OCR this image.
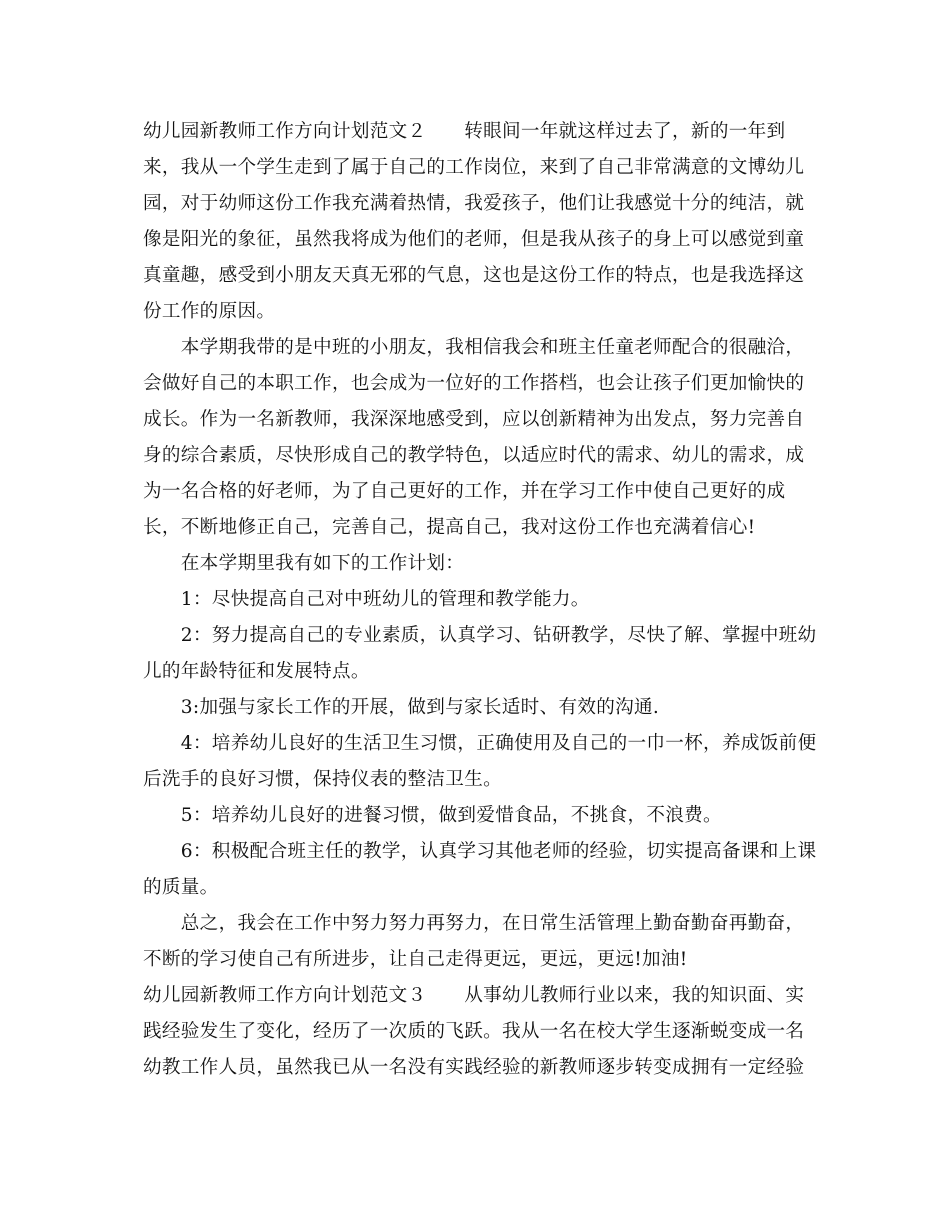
幼儿园新教师工作方向计划范文２　　转眼间一年就这样过去了，新的一年到
来，我从一个学生走到了属于自己的工作岗位，来到了自己非常满意的文博幼儿
园，对于幼师这份工作我充满着热情，我爱孩子，他们让我感觉十分的纯洁，就
像是阳光的象征，虽然我将成为他们的老师，但是我从孩子的身上可以感觉到童
真童趣，感受到小朋友天真无邪的气息，这也是这份工作的特点，也是我选择这
份工作的原因。
　　本学期我带的是中班的小朋友，我相信我会和班主任童老师配合的很融洽，
会做好自己的本职工作，也会成为一位好的工作搭档，也会让孩子们更加愉快的
成长。作为一名新教师，我深深地感受到，应以创新精神为出发点，努力完善自
身的综合素质，尽快形成自己的教学特色，以适应时代的需求、幼儿的需求，成
为一名合格的好老师，为了自己更好的工作，并在学习工作中使自己更好的成
长，不断地修正自己，完善自己，提高自己，我对这份工作也充满着信心!
　　在本学期里我有如下的工作计划：
　　1：尽快提高自己对中班幼儿的管理和教学能力。
　　2：努力提高自己的专业素质，认真学习、钻研教学，尽快了解、掌握中班幼
儿的年龄特征和发展特点。
　　3:加强与家长工作的开展，做到与家长适时、有效的沟通.
　　4：培养幼儿良好的生活卫生习惯，正确使用及自己的一巾一杯，养成饭前便
后洗手的良好习惯，保持仪表的整洁卫生。
　　5：培养幼儿良好的进餐习惯，做到爱惜食品，不挑食，不浪费。
　　6：积极配合班主任的教学，认真学习其他老师的经验，切实提高备课和上课
的质量。
　　总之，我会在工作中努力努力再努力，在日常生活管理上勤奋勤奋再勤奋，
不断的学习使自己有所进步，让自己走得更远，更远，更远!加油!
幼儿园新教师工作方向计划范文３　　从事幼儿教师行业以来，我的知识面、实
践经验发生了变化，经历了一次质的飞跃。我从一名在校大学生逐渐蜕变成一名
幼教工作人员，虽然我已从一名没有实践经验的新教师逐步转变成拥有一定经验
